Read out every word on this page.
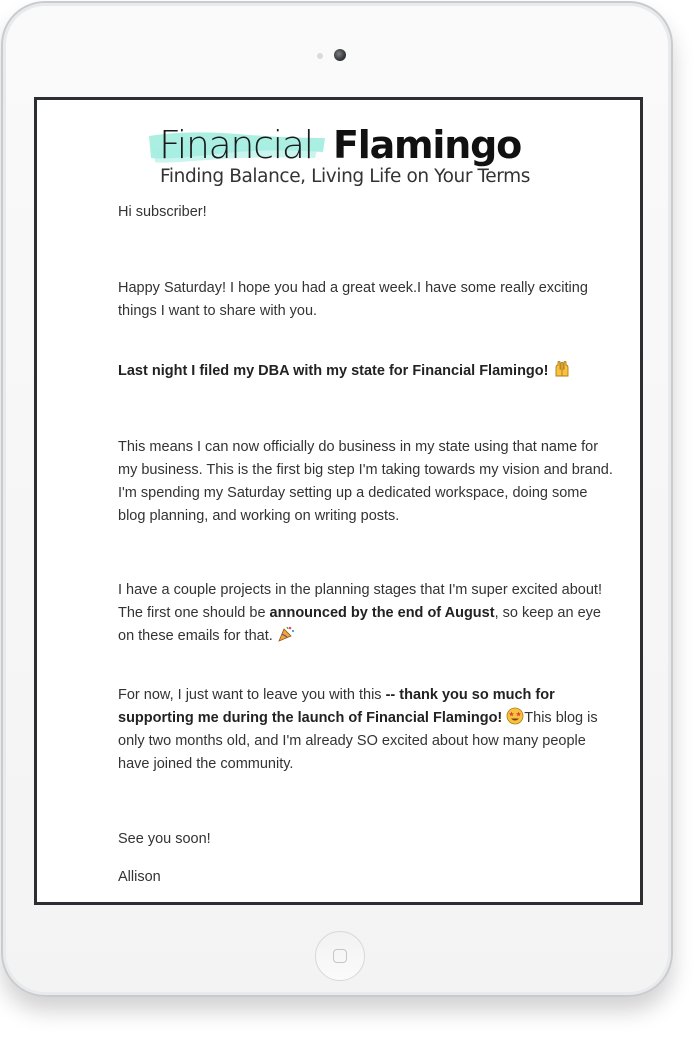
Financial Flamingo
Finding Balance, Living Life on Your Terms
Hi subscriber!
Happy Saturday! I hope you had a great week.I have some really exciting things I want to share with you.
Last night I filed my DBA with my state for Financial Flamingo!
This means I can now officially do business in my state using that name for my business. This is the first big step I'm taking towards my vision and brand. I'm spending my Saturday setting up a dedicated workspace, doing some blog planning, and working on writing posts.
I have a couple projects in the planning stages that I'm super excited about! The first one should be announced by the end of August, so keep an eye on these emails for that.
For now, I just want to leave you with this -- thank you so much for supporting me during the launch of Financial Flamingo! This blog is only two months old, and I'm already SO excited about how many people have joined the community.
See you soon!
Allison
